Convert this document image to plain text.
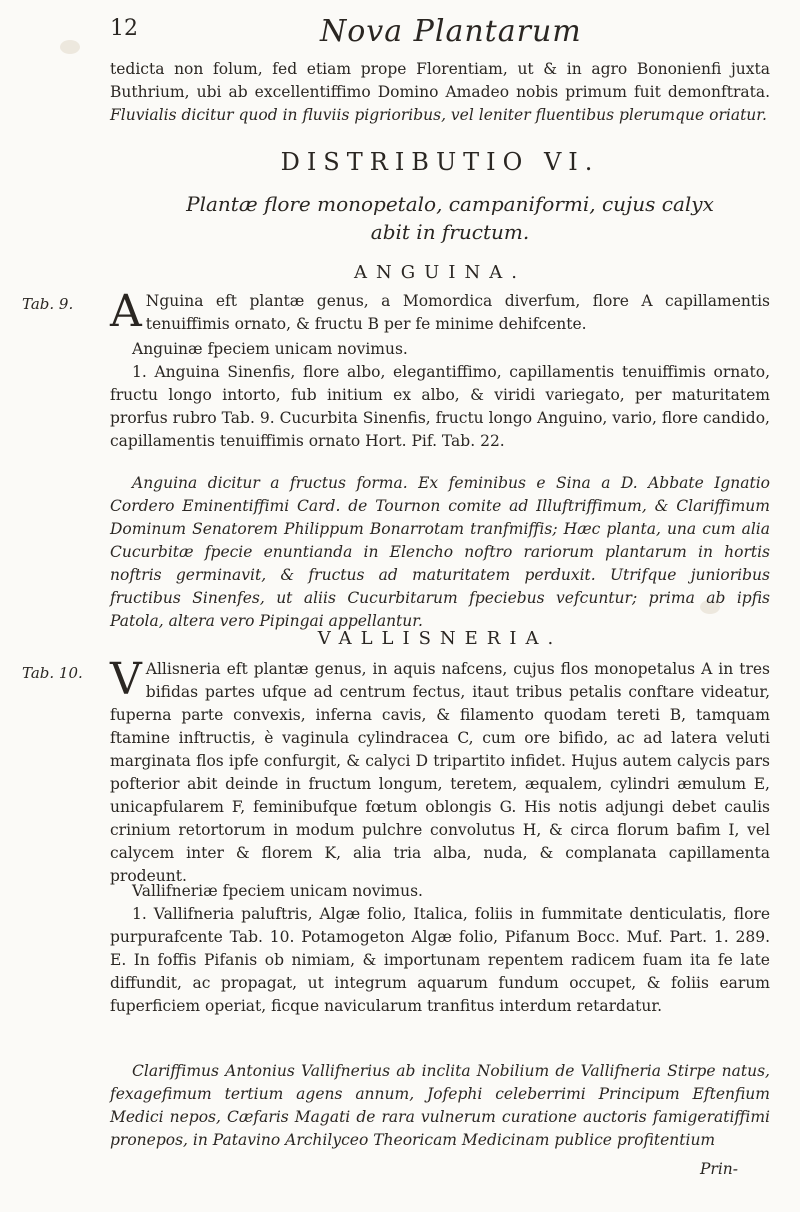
12	Nova Plantarum

tedicta non folum, fed etiam prope Florentiam, ut & in agro Bononienfi juxta Buthrium, ubi ab excellentiffimo Domino Amadeo nobis primum fuit demonftrata. Fluvialis dicitur quod in fluviis pigrioribus, vel leniter fluentibus plerumque oriatur.

DISTRIBUTIO VI.
Plantæ flore monopetalo, campaniformi, cujus calyx
abit in fructum.
ANGUINA.
Tab. 9. A Nguina eft plantæ genus, a Momordica diverfum, flore A capillamentis tenuiffimis ornato, & fructu B per fe minime dehifcente.

Anguinæ fpeciem unicam novimus.

1. Anguina Sinenfis, flore albo, elegantiffimo, capillamentis tenuiffimis ornato, fructu longo intorto, fub initium ex albo, & viridi variegato, per maturitatem prorfus rubro Tab. 9. Cucurbita Sinenfis, fructu longo Anguino, vario, flore candido, capillamentis tenuiffimis ornato Hort. Pif. Tab. 22.

Anguina dicitur a fructus forma. Ex feminibus e Sina a D. Abbate Ignatio Cordero Eminentiffimi Card. de Tournon comite ad Illuftriffimum, & Clariffimum Dominum Senatorem Philippum Bonarrotam tranfmiffis; Hæc planta, una cum alia Cucurbitæ fpecie enuntianda in Elencho noftro rariorum plantarum in hortis noftris germinavit, & fructus ad maturitatem perduxit. Utrifque junioribus fructibus Sinenfes, ut aliis Cucurbitarum fpeciebus vefcuntur; prima ab ipfis Patola, altera vero Pipingai appellantur.

VALLISNERIA.
Tab. 10. V Allisneria eft plantæ genus, in aquis nafcens, cujus flos monopetalus A in tres bifidas partes ufque ad centrum fectus, itaut tribus petalis conftare videatur, fuperna parte convexis, inferna cavis, & filamento quodam tereti B, tamquam ftamine inftructis, è vaginula cylindracea C, cum ore bifido, ac ad latera veluti marginata flos ipfe confurgit, & calyci D tripartito infidet. Hujus autem calycis pars pofterior abit deinde in fructum longum, teretem, æqualem, cylindri æmulum E, unicapfularem F, feminibufque fœtum oblongis G. His notis adjungi debet caulis crinium retortorum in modum pulchre convolutus H, & circa florum bafim I, vel calycem inter & florem K, alia tria alba, nuda, & complanata capillamenta prodeunt.

Vallifneriæ fpeciem unicam novimus.

1. Vallifneria paluftris, Algæ folio, Italica, foliis in fummitate denticulatis, flore purpurafcente Tab. 10. Potamogeton Algæ folio, Pifanum Bocc. Muf. Part. 1. 289. E. In foffis Pifanis ob nimiam, & importunam repentem radicem fuam ita fe late diffundit, ac propagat, ut integrum aquarum fundum occupet, & foliis earum fuperficiem operiat, ficque navicularum tranfitus interdum retardatur.

Clariffimus Antonius Vallifnerius ab inclita Nobilium de Vallifneria Stirpe natus, fexagefimum tertium agens annum, Jofephi celeberrimi Principum Eftenfium Medici nepos, Cæfaris Magati de rara vulnerum curatione auctoris famigeratiffimi pronepos, in Patavino Archilyceo Theoricam Medicinam publice profitentium

Prin-
